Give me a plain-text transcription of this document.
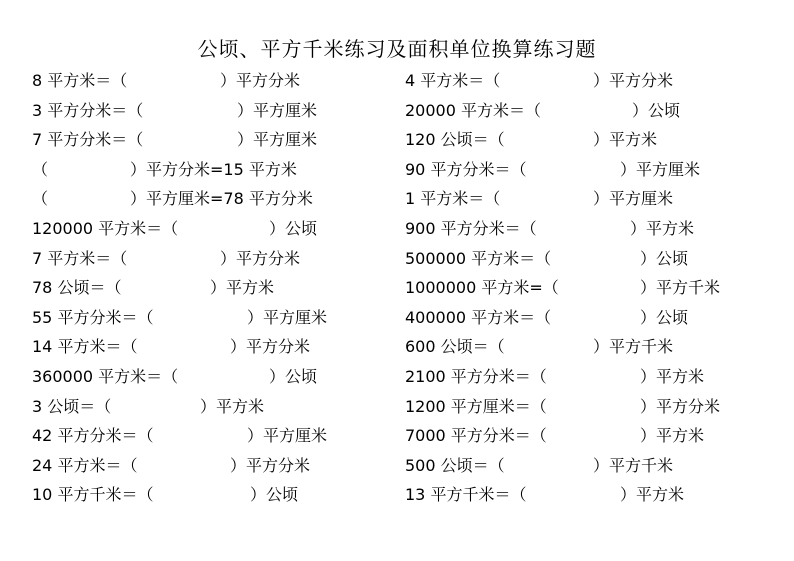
公顷、平方千米练习及面积单位换算练习题
8 平方米＝（	）平方分米
3 平方分米＝（	）平方厘米
7 平方分米＝（	）平方厘米
（	）平方分米=15 平方米
（	）平方厘米=78 平方分米
120000 平方米＝（	）公顷
7 平方米＝（	）平方分米
78 公顷＝（	）平方米
55 平方分米＝（	）平方厘米
14 平方米＝（	）平方分米
360000 平方米＝（	）公顷
3 公顷＝（	）平方米
42 平方分米＝（	）平方厘米
24 平方米＝（	）平方分米
10 平方千米＝（	）公顷
4 平方米＝（	）平方分米
20000 平方米＝（	）公顷
120 公顷＝（	）平方米
90 平方分米＝（	）平方厘米
1 平方米＝（	）平方厘米
900 平方分米＝（	）平方米
500000 平方米＝（	）公顷
1000000 平方米=（	）平方千米
400000 平方米＝（	）公顷
600 公顷＝（	）平方千米
2100 平方分米＝（	）平方米
1200 平方厘米＝（	）平方分米
7000 平方分米＝（	）平方米
500 公顷＝（	）平方千米
13 平方千米＝（	）平方米
